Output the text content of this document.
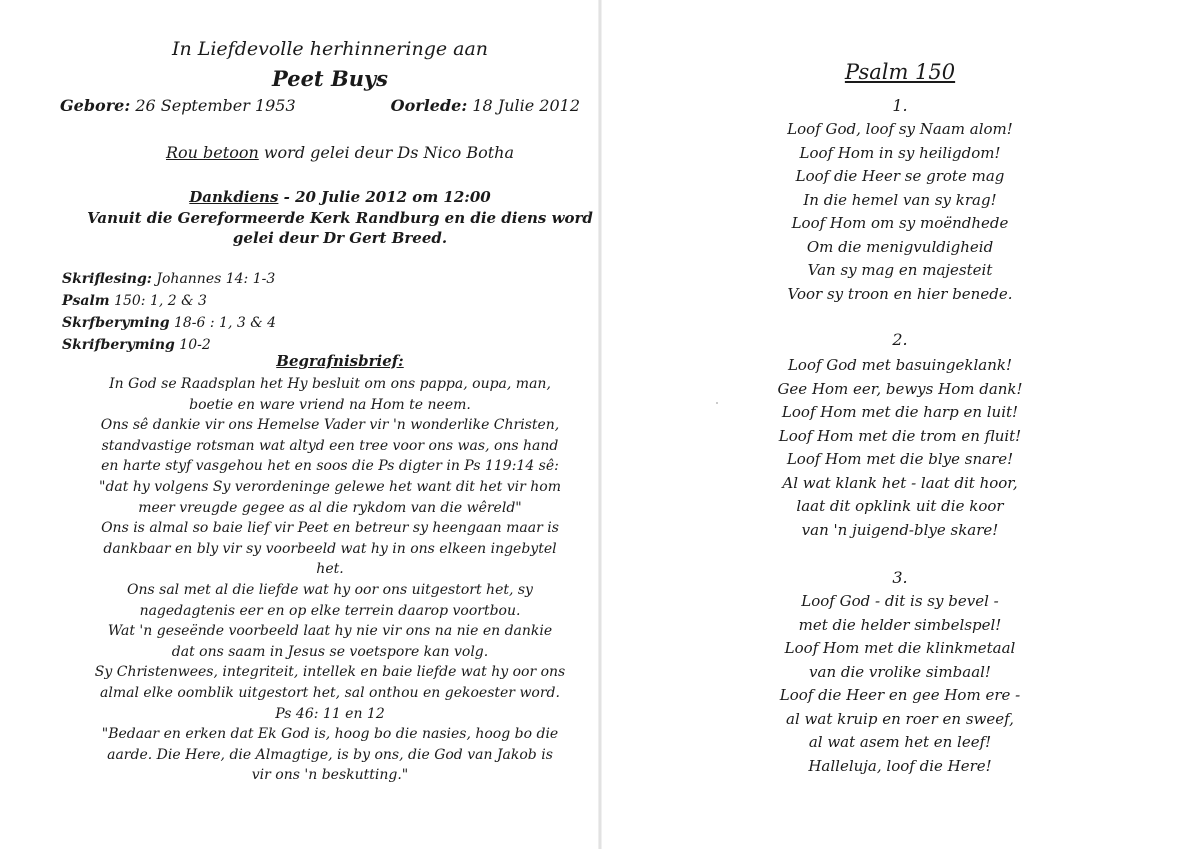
In Liefdevolle herhinneringe aan
Peet Buys
Gebore: 26 September 1953	Oorlede: 18 Julie 2012
Rou betoon word gelei deur Ds Nico Botha
Dankdiens - 20 Julie 2012 om 12:00
Vanuit die Gereformeerde Kerk Randburg en die diens word
gelei deur Dr Gert Breed.
Skriflesing: Johannes 14: 1-3
Psalm 150: 1, 2 & 3
Skrfberyming 18-6 : 1, 3 & 4
Skrifberyming 10-2
Begrafnisbrief:
In God se Raadsplan het Hy besluit om ons pappa, oupa, man,
boetie en ware vriend na Hom te neem.
Ons sê dankie vir ons Hemelse Vader vir 'n wonderlike Christen,
standvastige rotsman wat altyd een tree voor ons was, ons hand
en harte styf vasgehou het en soos die Ps digter in Ps 119:14 sê:
"dat hy volgens Sy verordeninge gelewe het want dit het vir hom
meer vreugde gegee as al die rykdom van die wêreld"
Ons is almal so baie lief vir Peet en betreur sy heengaan maar is
dankbaar en bly vir sy voorbeeld wat hy in ons elkeen ingebytel
het.
Ons sal met al die liefde wat hy oor ons uitgestort het, sy
nagedagtenis eer en op elke terrein daarop voortbou.
Wat 'n geseënde voorbeeld laat hy nie vir ons na nie en dankie
dat ons saam in Jesus se voetspore kan volg.
Sy Christenwees, integriteit, intellek en baie liefde wat hy oor ons
almal elke oomblik uitgestort het, sal onthou en gekoester word.
Ps 46: 11 en 12
"Bedaar en erken dat Ek God is, hoog bo die nasies, hoog bo die
aarde. Die Here, die Almagtige, is by ons, die God van Jakob is
vir ons 'n beskutting."
Psalm 150
1.
Loof God, loof sy Naam alom!
Loof Hom in sy heiligdom!
Loof die Heer se grote mag
In die hemel van sy krag!
Loof Hom om sy moëndhede
Om die menigvuldigheid
Van sy mag en majesteit
Voor sy troon en hier benede.
2.
Loof God met basuingeklank!
Gee Hom eer, bewys Hom dank!
Loof Hom met die harp en luit!
Loof Hom met die trom en fluit!
Loof Hom met die blye snare!
Al wat klank het - laat dit hoor,
laat dit opklink uit die koor
van 'n juigend-blye skare!
3.
Loof God - dit is sy bevel -
met die helder simbelspel!
Loof Hom met die klinkmetaal
van die vrolike simbaal!
Loof die Heer en gee Hom ere -
al wat kruip en roer en sweef,
al wat asem het en leef!
Halleluja, loof die Here!
